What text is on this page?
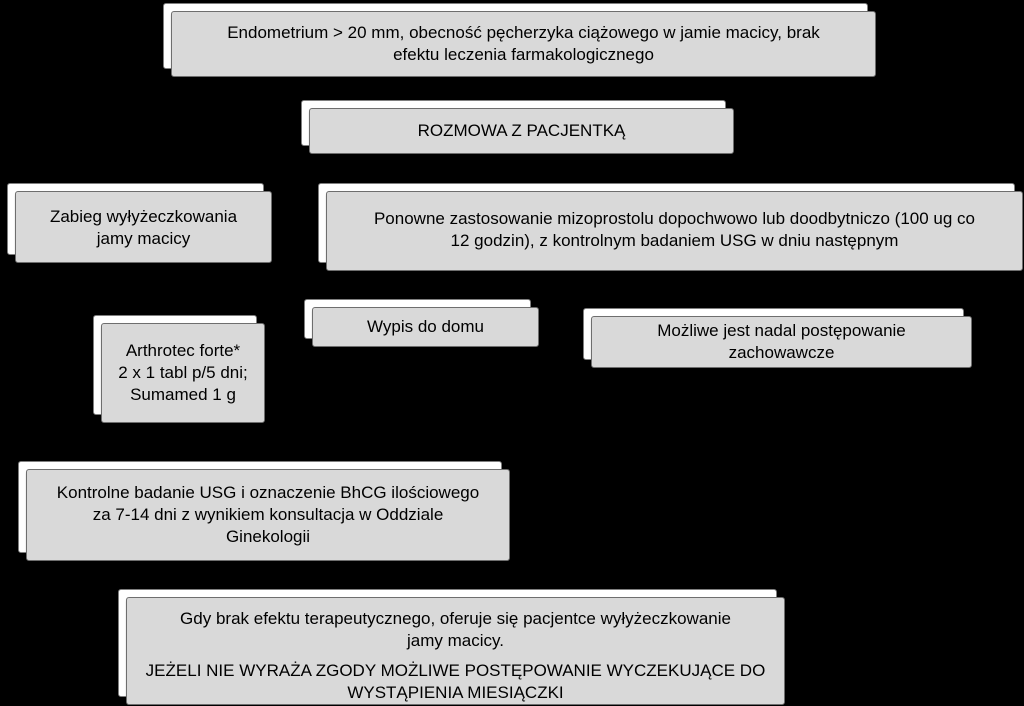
Endometrium > 20 mm, obecność pęcherzyka ciążowego w jamie macicy, brak

efektu leczenia farmakologicznego

ROZMOWA Z PACJENTKĄ

Zabieg wyłyżeczkowania

jamy macicy

Ponowne zastosowanie mizoprostolu dopochwowo lub doodbytniczo (100 ug co

12 godzin), z kontrolnym badaniem USG w dniu następnym

Wypis do domu	Możliwe jest nadal postępowanie

zachowawcze

Arthrotec forte*

2 x 1 tabl p/5 dni;

Sumamed 1 g

Kontrolne badanie USG i oznaczenie BhCG ilościowego

za 7-14 dni z wynikiem konsultacja w Oddziale

Ginekologii

Gdy brak efektu terapeutycznego, oferuje się pacjentce wyłyżeczkowanie

jamy macicy.

JEŻELI NIE WYRAŻA ZGODY MOŻLIWE POSTĘPOWANIE WYCZEKUJĄCE DO

WYSTĄPIENIA MIESIĄCZKI
